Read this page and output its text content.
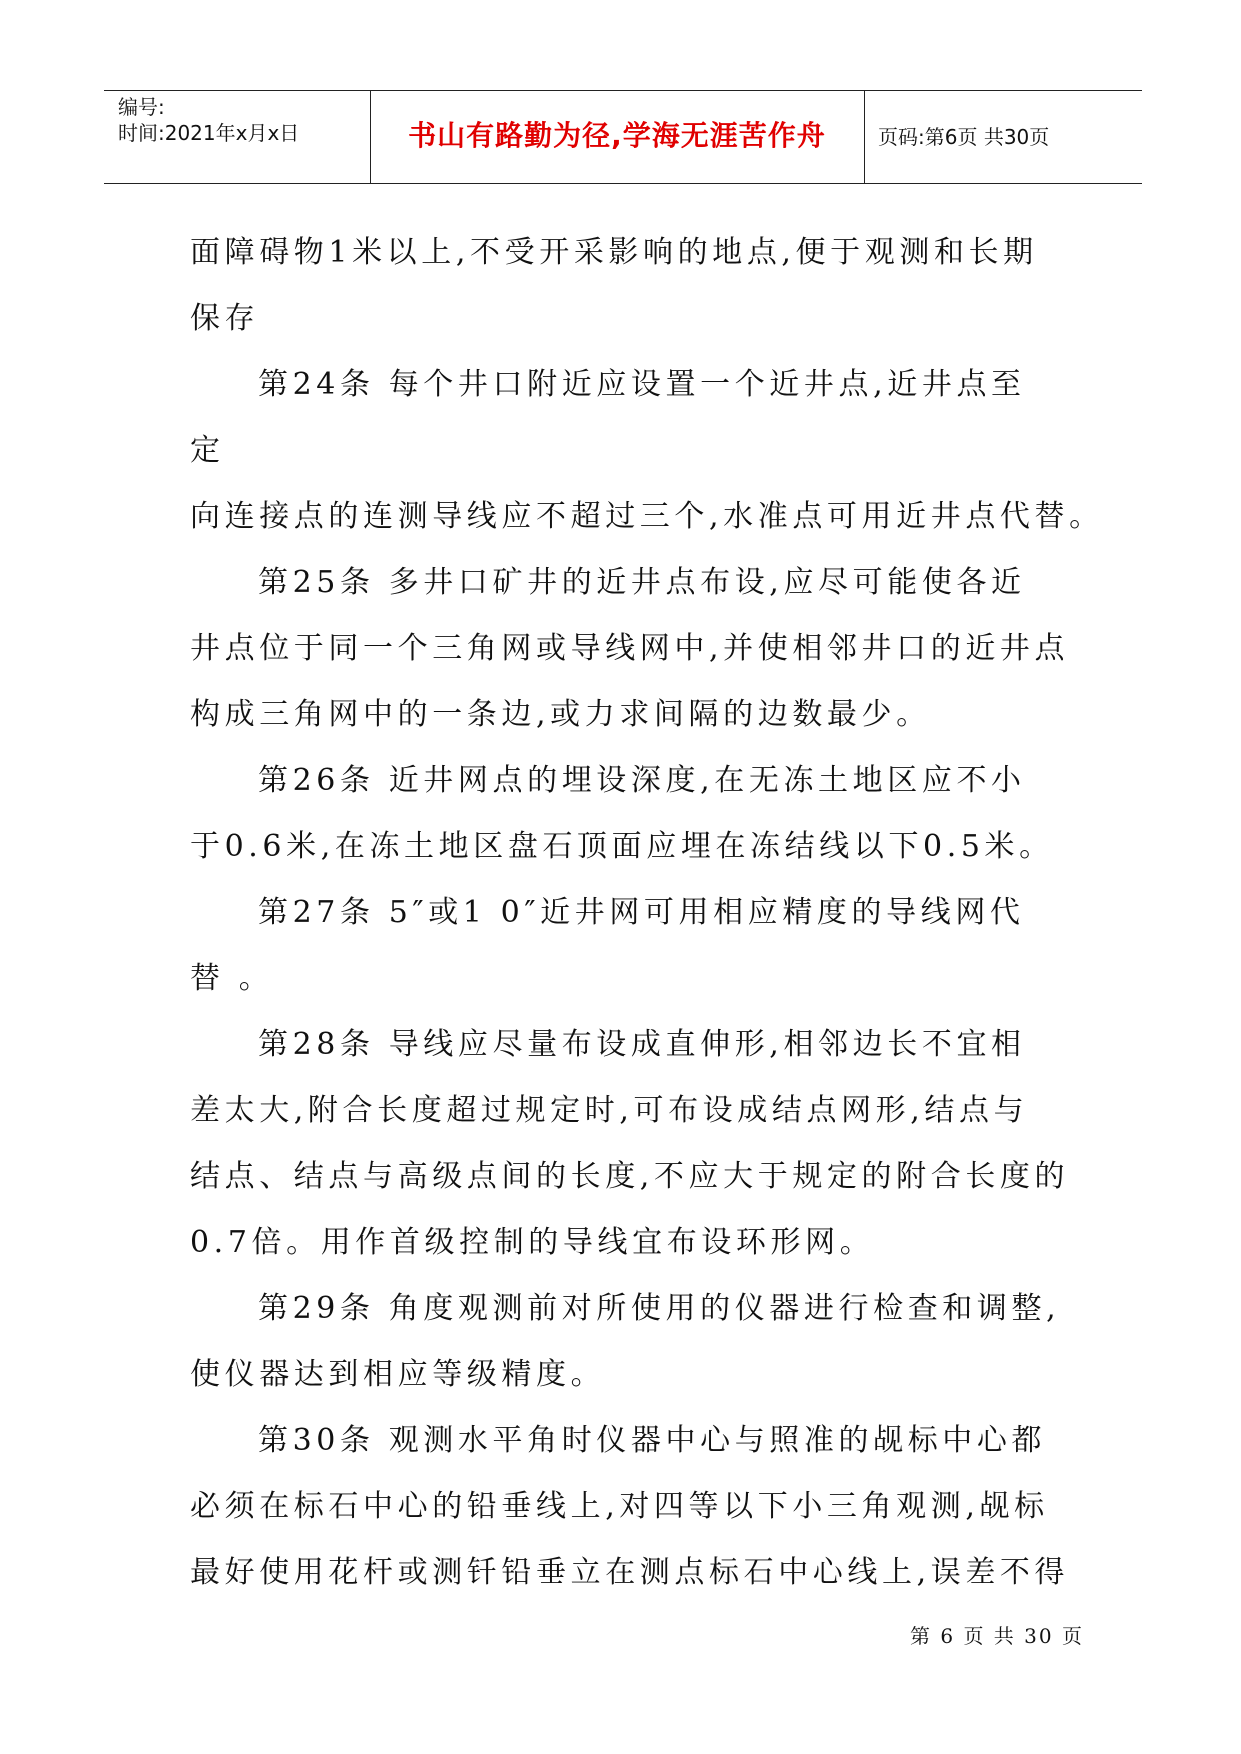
编号:
时间:2021年x月x日	书山有路勤为径,学海无涯苦作舟	页码:第6页 共30页

面障碍物1米以上,不受开采影响的地点,便于观测和长期

保存

第24条 每个井口附近应设置一个近井点,近井点至

定

向连接点的连测导线应不超过三个,水准点可用近井点代替。

第25条 多井口矿井的近井点布设,应尽可能使各近

井点位于同一个三角网或导线网中,并使相邻井口的近井点

构成三角网中的一条边,或力求间隔的边数最少。

第26条 近井网点的埋设深度,在无冻土地区应不小

于0.6米,在冻土地区盘石顶面应埋在冻结线以下0.5米。

第27条 5″或1 0″近井网可用相应精度的导线网代

替 。

第28条 导线应尽量布设成直伸形,相邻边长不宜相

差太大,附合长度超过规定时,可布设成结点网形,结点与

结点、结点与高级点间的长度,不应大于规定的附合长度的

0.7倍。用作首级控制的导线宜布设环形网。

第29条 角度观测前对所使用的仪器进行检查和调整,

使仪器达到相应等级精度。

第30条 观测水平角时仪器中心与照准的觇标中心都

必须在标石中心的铅垂线上,对四等以下小三角观测,觇标

最好使用花杆或测钎铅垂立在测点标石中心线上,误差不得

第 6 页 共 30 页
